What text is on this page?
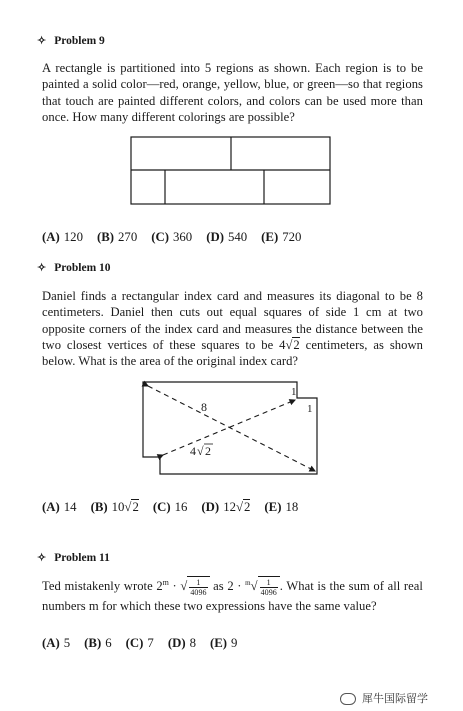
✧ Problem 9
A rectangle is partitioned into 5 regions as shown. Each region is to be painted a solid color—red, orange, yellow, blue, or green—so that regions that touch are painted different colors, and colors can be used more than once. How many different colorings are possible?
(A) 120 (B) 270 (C) 360 (D) 540 (E) 720
✧ Problem 10
Daniel finds a rectangular index card and measures its diagonal to be 8 centimeters. Daniel then cuts out equal squares of side 1 cm at two opposite corners of the index card and measures the distance between the two closest vertices of these squares to be 4√2 centimeters, as shown below. What is the area of the original index card?
8
4 √ 2
1
1
(A) 14 (B) 10√2 (C) 16 (D) 12√2 (E) 18
✧ Problem 11
Ted mistakenly wrote $2^m$ · √ $\frac{1}{4096}$ as $2 \cdot ^m√ \frac{1}{4096}$ . What is the sum of all real numbers m for which these two expressions have the same value?
(A) 5 (B) 6 (C) 7 (D) 8 (E) 9
犀牛国际留学
